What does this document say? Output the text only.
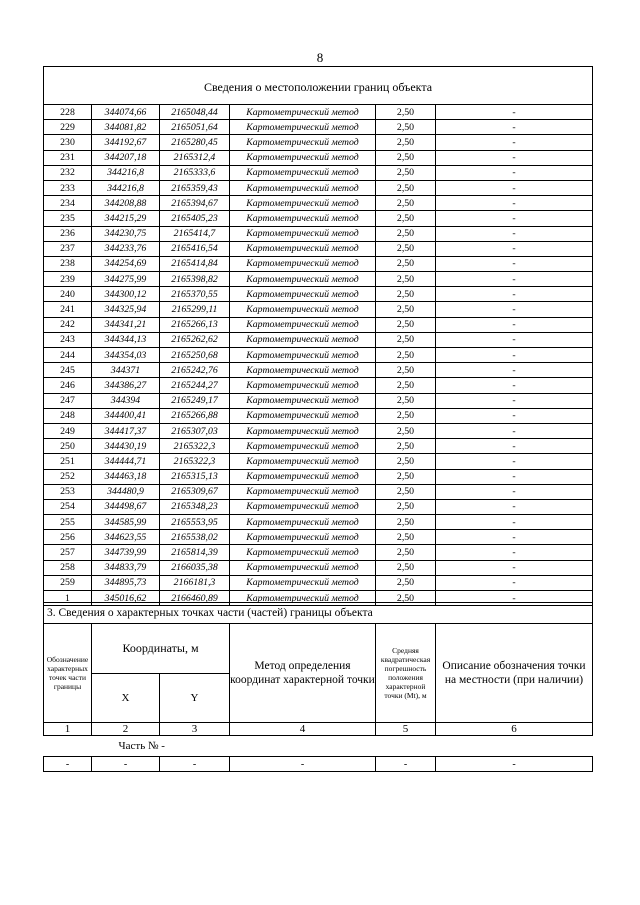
8
Сведения о местоположении границ объекта					
228	344074,66	2165048,44	Картометрический метод	2,50	-
229	344081,82	2165051,64	Картометрический метод	2,50	-
230	344192,67	2165280,45	Картометрический метод	2,50	-
231	344207,18	2165312,4	Картометрический метод	2,50	-
232	344216,8	2165333,6	Картометрический метод	2,50	-
233	344216,8	2165359,43	Картометрический метод	2,50	-
234	344208,88	2165394,67	Картометрический метод	2,50	-
235	344215,29	2165405,23	Картометрический метод	2,50	-
236	344230,75	2165414,7	Картометрический метод	2,50	-
237	344233,76	2165416,54	Картометрический метод	2,50	-
238	344254,69	2165414,84	Картометрический метод	2,50	-
239	344275,99	2165398,82	Картометрический метод	2,50	-
240	344300,12	2165370,55	Картометрический метод	2,50	-
241	344325,94	2165299,11	Картометрический метод	2,50	-
242	344341,21	2165266,13	Картометрический метод	2,50	-
243	344344,13	2165262,62	Картометрический метод	2,50	-
244	344354,03	2165250,68	Картометрический метод	2,50	-
245	344371	2165242,76	Картометрический метод	2,50	-
246	344386,27	2165244,27	Картометрический метод	2,50	-
247	344394	2165249,17	Картометрический метод	2,50	-
248	344400,41	2165266,88	Картометрический метод	2,50	-
249	344417,37	2165307,03	Картометрический метод	2,50	-
250	344430,19	2165322,3	Картометрический метод	2,50	-
251	344444,71	2165322,3	Картометрический метод	2,50	-
252	344463,18	2165315,13	Картометрический метод	2,50	-
253	344480,9	2165309,67	Картометрический метод	2,50	-
254	344498,67	2165348,23	Картометрический метод	2,50	-
255	344585,99	2165553,95	Картометрический метод	2,50	-
256	344623,55	2165538,02	Картометрический метод	2,50	-
257	344739,99	2165814,39	Картометрический метод	2,50	-
258	344833,79	2166035,38	Картометрический метод	2,50	-
259	344895,73	2166181,3	Картометрический метод	2,50	-
1	345016,62	2166460,89	Картометрический метод	2,50	-
3. Сведения о характерных точках части (частей) границы объекта					
Обозначение характерных точек части границы	Координаты, м		Метод определения координат характерной точки	Средняя квадратическая погрешность положения характерной точки (Мt), м	Описание обозначения точки на местности (при наличии)
	X	Y			
1	2	3	4	5	6
Часть № -					
-	-	-	-	-	-
